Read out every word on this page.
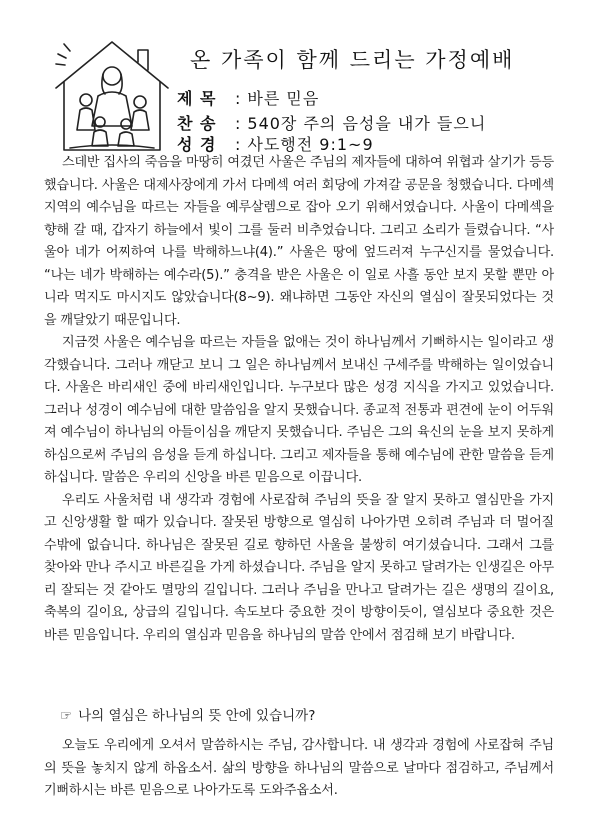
온 가족이 함께 드리는 가정예배
제 목 : 바른 믿음
찬 송 : 540장 주의 음성을 내가 들으니
성 경 : 사도행전 9:1~9

스데반 집사의 죽음을 마땅히 여겼던 사울은 주님의 제자들에 대하여 위협과 살기가 등등했습니다. 사울은 대제사장에게 가서 다메섹 여러 회당에 가져갈 공문을 청했습니다. 다메섹 지역의 예수님을 따르는 자들을 예루살렘으로 잡아 오기 위해서였습니다. 사울이 다메섹을 향해 갈 때, 갑자기 하늘에서 빛이 그를 둘러 비추었습니다. 그리고 소리가 들렸습니다. “사울아 네가 어찌하여 나를 박해하느냐(4).” 사울은 땅에 엎드러져 누구신지를 물었습니다. “나는 네가 박해하는 예수라(5).” 충격을 받은 사울은 이 일로 사흘 동안 보지 못할 뿐만 아니라 먹지도 마시지도 않았습니다(8~9). 왜냐하면 그동안 자신의 열심이 잘못되었다는 것을 깨달았기 때문입니다.

지금껏 사울은 예수님을 따르는 자들을 없애는 것이 하나님께서 기뻐하시는 일이라고 생각했습니다. 그러나 깨닫고 보니 그 일은 하나님께서 보내신 구세주를 박해하는 일이었습니다. 사울은 바리새인 중에 바리새인입니다. 누구보다 많은 성경 지식을 가지고 있었습니다. 그러나 성경이 예수님에 대한 말씀임을 알지 못했습니다. 종교적 전통과 편견에 눈이 어두워져 예수님이 하나님의 아들이심을 깨닫지 못했습니다. 주님은 그의 육신의 눈을 보지 못하게 하심으로써 주님의 음성을 듣게 하십니다. 그리고 제자들을 통해 예수님에 관한 말씀을 듣게 하십니다. 말씀은 우리의 신앙을 바른 믿음으로 이끕니다.

우리도 사울처럼 내 생각과 경험에 사로잡혀 주님의 뜻을 잘 알지 못하고 열심만을 가지고 신앙생활 할 때가 있습니다. 잘못된 방향으로 열심히 나아가면 오히려 주님과 더 멀어질 수밖에 없습니다. 하나님은 잘못된 길로 향하던 사울을 불쌍히 여기셨습니다. 그래서 그를 찾아와 만나 주시고 바른길을 가게 하셨습니다. 주님을 알지 못하고 달려가는 인생길은 아무리 잘되는 것 같아도 멸망의 길입니다. 그러나 주님을 만나고 달려가는 길은 생명의 길이요, 축복의 길이요, 상급의 길입니다. 속도보다 중요한 것이 방향이듯이, 열심보다 중요한 것은 바른 믿음입니다. 우리의 열심과 믿음을 하나님의 말씀 안에서 점검해 보기 바랍니다.

☞ 나의 열심은 하나님의 뜻 안에 있습니까?

오늘도 우리에게 오셔서 말씀하시는 주님, 감사합니다. 내 생각과 경험에 사로잡혀 주님의 뜻을 놓치지 않게 하옵소서. 삶의 방향을 하나님의 말씀으로 날마다 점검하고, 주님께서 기뻐하시는 바른 믿음으로 나아가도록 도와주옵소서.
